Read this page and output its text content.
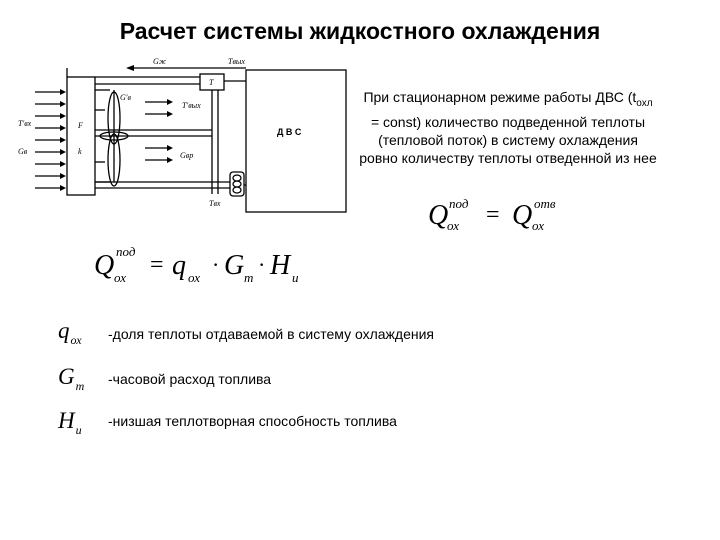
Расчет системы жидкостного охлаждения
Gж	Tвых
T
Д В С
Tвх
T′вх
Gв
F
k
G′в
T′вых
Gвр
При стационарном режиме работы ДВС ($t_{охл}$ = const) количество подведенной теплоты (тепловой поток) в систему охлаждения ровно количеству теплоты отведенной из нее
Q под
ох = Q отв
ох
Q под
ох = q ох
· G т
· H и
$q_{ох}$ -доля теплоты отдаваемой в систему охлаждения
$G_т$ -часовой расход топлива
$H_и$
-низшая теплотворная способность топлива
